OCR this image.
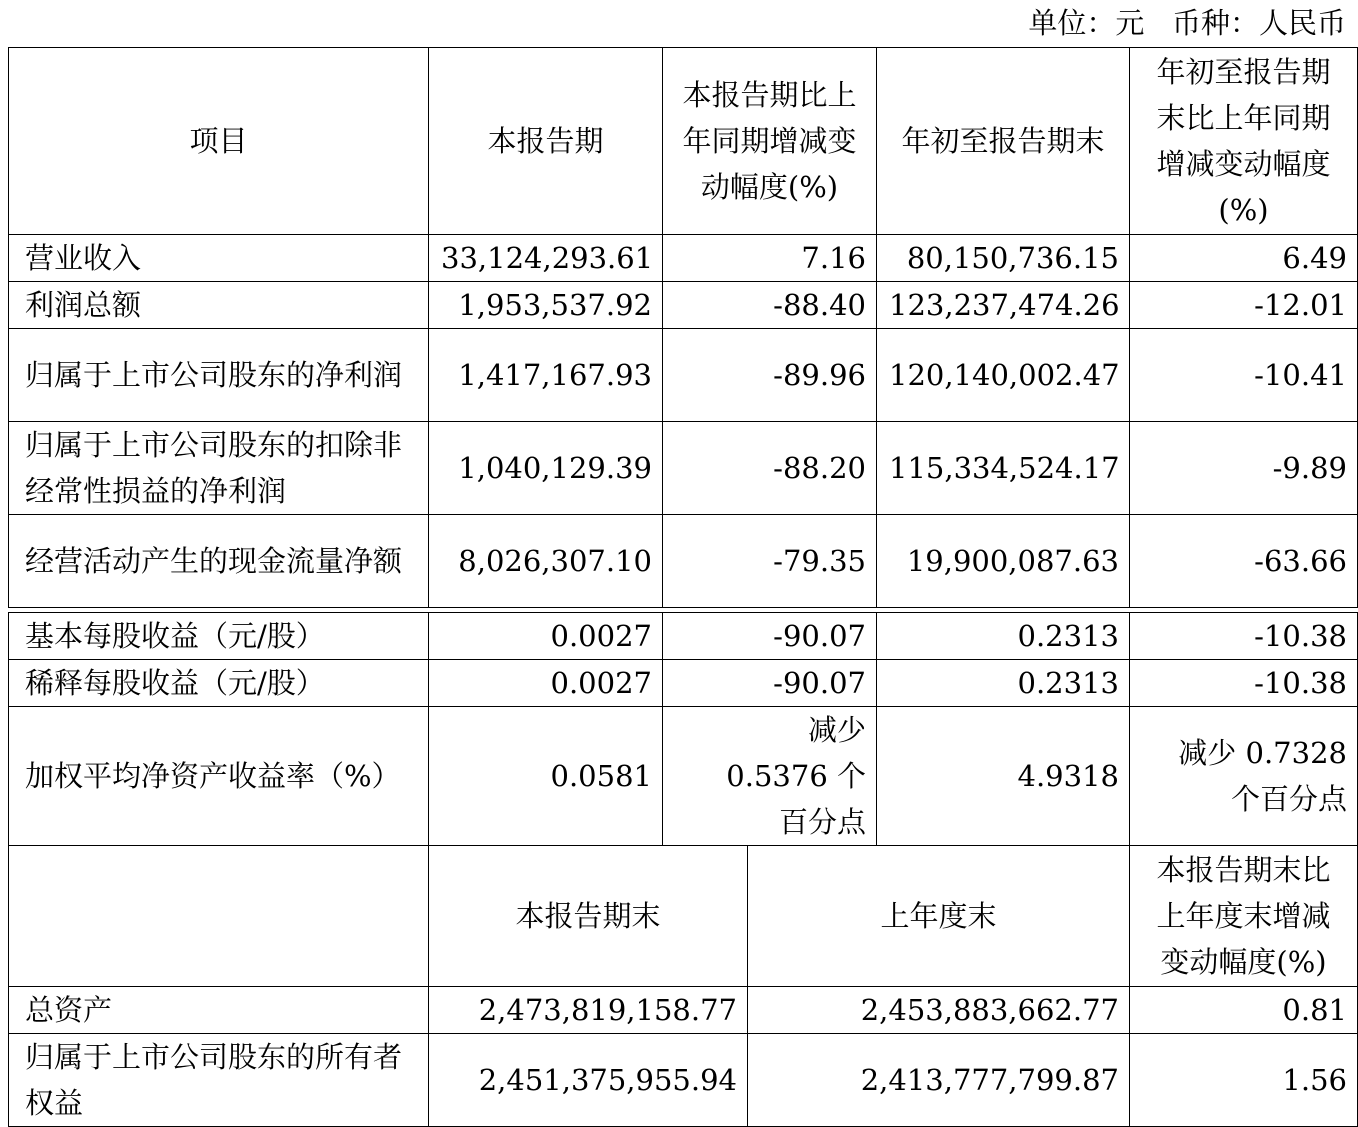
单位：元   币种：人民币
项目	本报告期	本报告期比上年同期增减变动幅度(%)		年初至报告期末	年初至报告期末比上年同期增减变动幅度(%)
营业收入	33,124,293.61	7.16		80,150,736.15	6.49
利润总额	1,953,537.92	-88.40		123,237,474.26	-12.01
归属于上市公司股东的净利润	1,417,167.93	-89.96		120,140,002.47	-10.41
归属于上市公司股东的扣除非经常性损益的净利润	1,040,129.39	-88.20		115,334,524.17	-9.89
经营活动产生的现金流量净额	8,026,307.10	-79.35		19,900,087.63	-63.66

基本每股收益（元/股）	0.0027	-90.07		0.2313	-10.38
稀释每股收益（元/股）	0.0027	-90.07		0.2313	-10.38
加权平均净资产收益率（%）	0.0581	减少 0.5376 个百分点		4.9318	减少 0.7328 个百分点
	本报告期末		上年度末		本报告期末比上年度末增减变动幅度(%)
总资产	2,473,819,158.77		2,453,883,662.77		0.81
归属于上市公司股东的所有者权益	2,451,375,955.94		2,413,777,799.87		1.56
